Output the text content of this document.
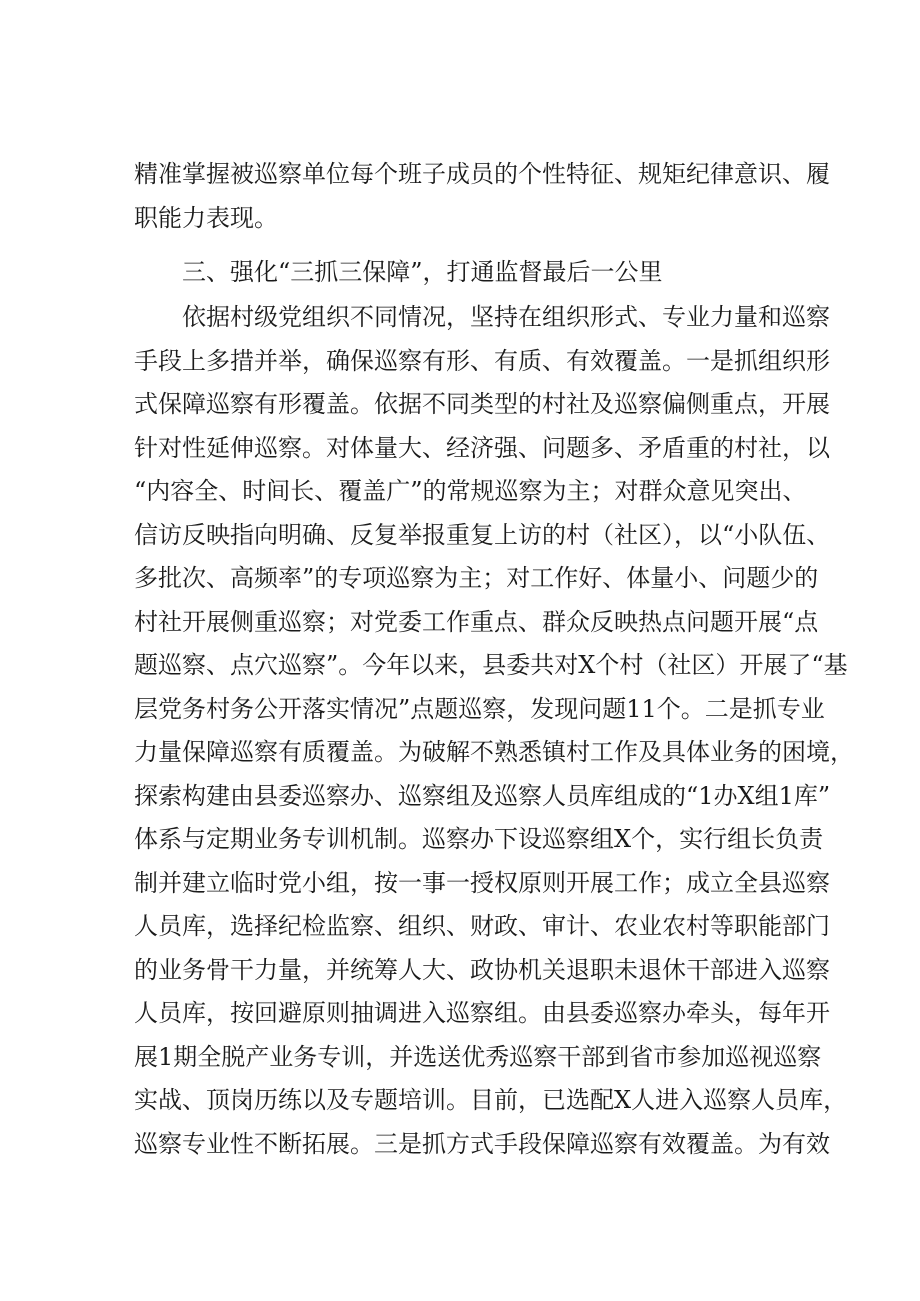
精准掌握被巡察单位每个班子成员的个性特征、规矩纪律意识、履
职能力表现。
三、强化“三抓三保障”，打通监督最后一公里
依据村级党组织不同情况，坚持在组织形式、专业力量和巡察
手段上多措并举，确保巡察有形、有质、有效覆盖。一是抓组织形
式保障巡察有形覆盖。依据不同类型的村社及巡察偏侧重点，开展
针对性延伸巡察。对体量大、经济强、问题多、矛盾重的村社，以
“内容全、时间长、覆盖广”的常规巡察为主；对群众意见突出、
信访反映指向明确、反复举报重复上访的村（社区），以“小队伍、
多批次、高频率”的专项巡察为主；对工作好、体量小、问题少的
村社开展侧重巡察；对党委工作重点、群众反映热点问题开展“点
题巡察、点穴巡察”。今年以来，县委共对X个村（社区）开展了“基
层党务村务公开落实情况”点题巡察，发现问题11个。二是抓专业
力量保障巡察有质覆盖。为破解不熟悉镇村工作及具体业务的困境，
探索构建由县委巡察办、巡察组及巡察人员库组成的“1办X组1库”
体系与定期业务专训机制。巡察办下设巡察组X个，实行组长负责
制并建立临时党小组，按一事一授权原则开展工作；成立全县巡察
人员库，选择纪检监察、组织、财政、审计、农业农村等职能部门
的业务骨干力量，并统筹人大、政协机关退职未退休干部进入巡察
人员库，按回避原则抽调进入巡察组。由县委巡察办牵头，每年开
展1期全脱产业务专训，并选送优秀巡察干部到省市参加巡视巡察
实战、顶岗历练以及专题培训。目前，已选配X人进入巡察人员库，
巡察专业性不断拓展。三是抓方式手段保障巡察有效覆盖。为有效
